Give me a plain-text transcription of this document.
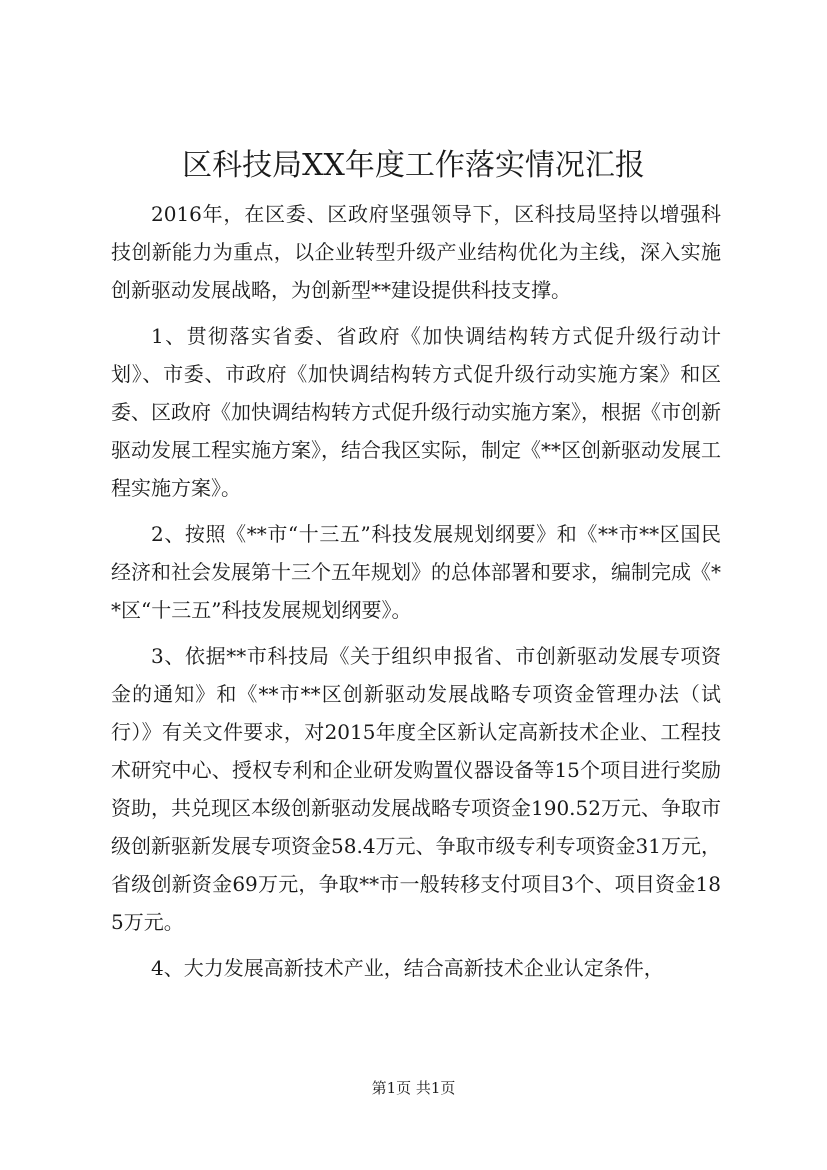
区科技局XX年度工作落实情况汇报

2016年，在区委、区政府坚强领导下，区科技局坚持以增强科技创新能力为重点，以企业转型升级产业结构优化为主线，深入实施创新驱动发展战略，为创新型**建设提供科技支撑。

1、贯彻落实省委、省政府《加快调结构转方式促升级行动计划》、市委、市政府《加快调结构转方式促升级行动实施方案》和区委、区政府《加快调结构转方式促升级行动实施方案》，根据《市创新驱动发展工程实施方案》，结合我区实际，制定《**区创新驱动发展工程实施方案》。

2、按照《**市“十三五”科技发展规划纲要》和《**市**区国民经济和社会发展第十三个五年规划》的总体部署和要求，编制完成《**区“十三五”科技发展规划纲要》。

3、依据**市科技局《关于组织申报省、市创新驱动发展专项资金的通知》和《**市**区创新驱动发展战略专项资金管理办法（试行）》有关文件要求，对2015年度全区新认定高新技术企业、工程技术研究中心、授权专利和企业研发购置仪器设备等15个项目进行奖励资助，共兑现区本级创新驱动发展战略专项资金190.52万元、争取市级创新驱新发展专项资金58.4万元、争取市级专利专项资金31万元，省级创新资金69万元，争取**市一般转移支付项目3个、项目资金185万元。

4、大力发展高新技术产业，结合高新技术企业认定条件，

第1页 共1页
